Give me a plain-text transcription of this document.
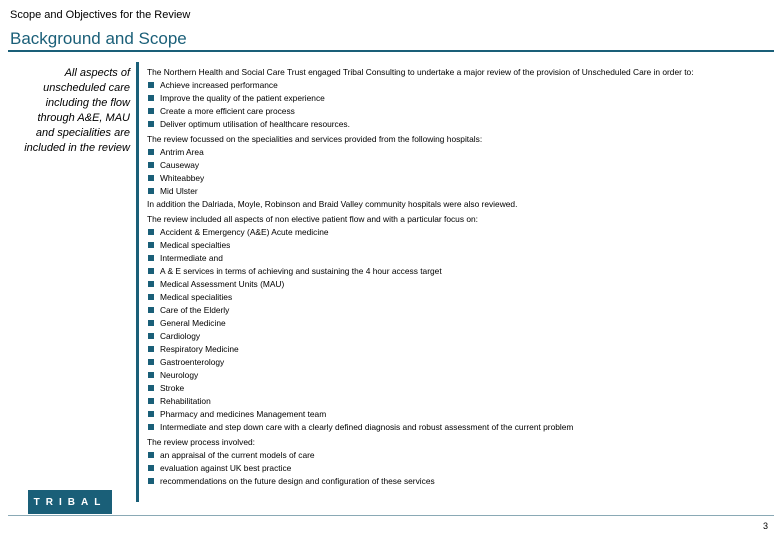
Scope and Objectives for the Review
Background and Scope
All aspects of
unscheduled care
including the flow
through A&E, MAU
and specialities are
included in the review

The Northern Health and Social Care Trust engaged Tribal Consulting to undertake a major review of the provision of Unscheduled Care in order to:

Achieve increased performance
Improve the quality of the patient experience
Create a more efficient care process
Deliver optimum utilisation of healthcare resources.

The review focussed on the specialities and services provided from the following hospitals:

Antrim Area
Causeway
Whiteabbey
Mid Ulster

In addition the Dalriada, Moyle, Robinson and Braid Valley community hospitals were also reviewed.

The review included all aspects of non elective patient flow and with a particular focus on:

Accident & Emergency (A&E) Acute medicine
Medical specialties
Intermediate and
A & E services in terms of achieving and sustaining the 4 hour access target
Medical Assessment Units (MAU)
Medical specialities
Care of the Elderly
General Medicine
Cardiology
Respiratory Medicine
Gastroenterology
Neurology
Stroke
Rehabilitation
Pharmacy and medicines Management team
Intermediate and step down care with a clearly defined diagnosis and robust assessment of the current problem

The review process involved:

an appraisal of the current models of care
evaluation against UK best practice
recommendations on the future design and configuration of these services
TRIBAL
3
